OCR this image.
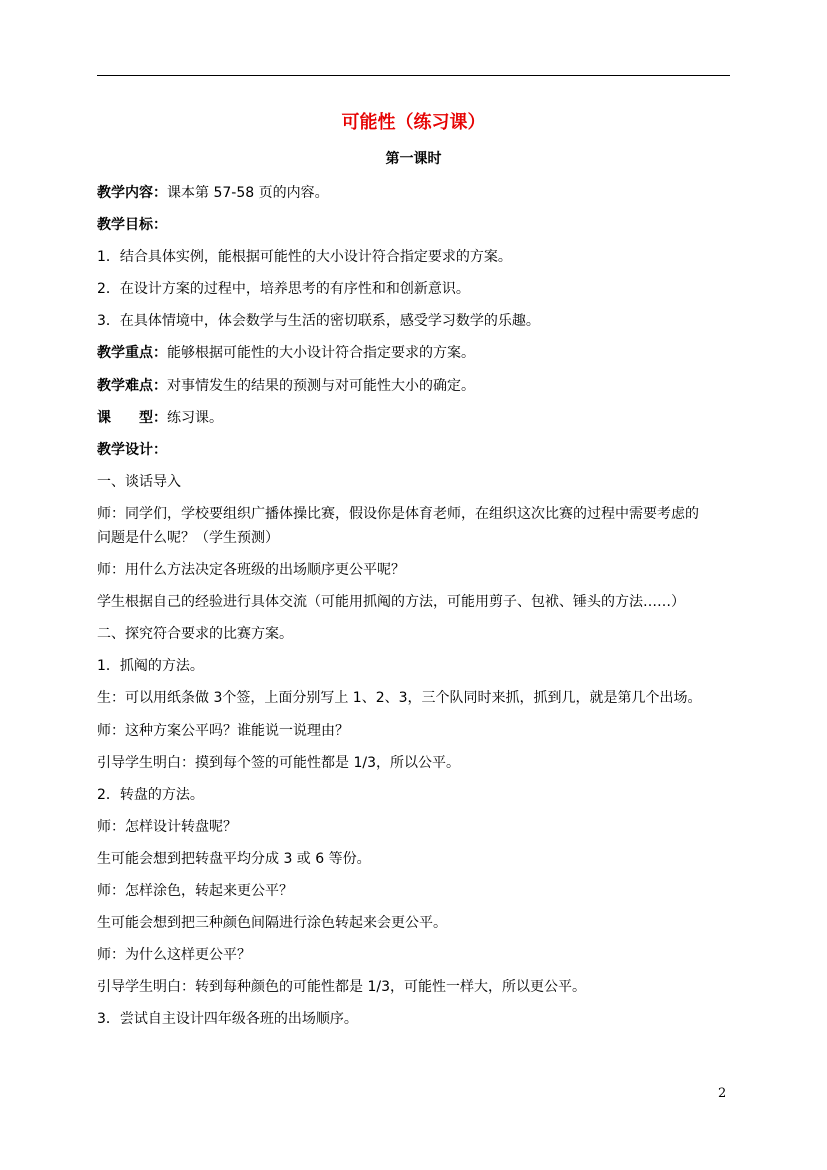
可能性（练习课）
第一课时
教学内容：课本第 57-58 页的内容。
教学目标：
1．结合具体实例，能根据可能性的大小设计符合指定要求的方案。
2．在设计方案的过程中，培养思考的有序性和和创新意识。
3．在具体情境中，体会数学与生活的密切联系，感受学习数学的乐趣。
教学重点：能够根据可能性的大小设计符合指定要求的方案。
教学难点：对事情发生的结果的预测与对可能性大小的确定。
课 型：练习课。
教学设计：
一、谈话导入
师：同学们，学校要组织广播体操比赛，假设你是体育老师，在组织这次比赛的过程中需要考虑的
问题是什么呢？（学生预测）
师：用什么方法决定各班级的出场顺序更公平呢？
学生根据自己的经验进行具体交流（可能用抓阄的方法，可能用剪子、包袱、锤头的方法……）
二、探究符合要求的比赛方案。
1．抓阄的方法。
生：可以用纸条做 3个签，上面分别写上 1、2、3，三个队同时来抓，抓到几，就是第几个出场。
师：这种方案公平吗？谁能说一说理由？
引导学生明白：摸到每个签的可能性都是 1/3，所以公平。
2．转盘的方法。
师：怎样设计转盘呢？
生可能会想到把转盘平均分成 3 或 6 等份。
师：怎样涂色，转起来更公平？
生可能会想到把三种颜色间隔进行涂色转起来会更公平。
师：为什么这样更公平？
引导学生明白：转到每种颜色的可能性都是 1/3，可能性一样大，所以更公平。
3．尝试自主设计四年级各班的出场顺序。
2
